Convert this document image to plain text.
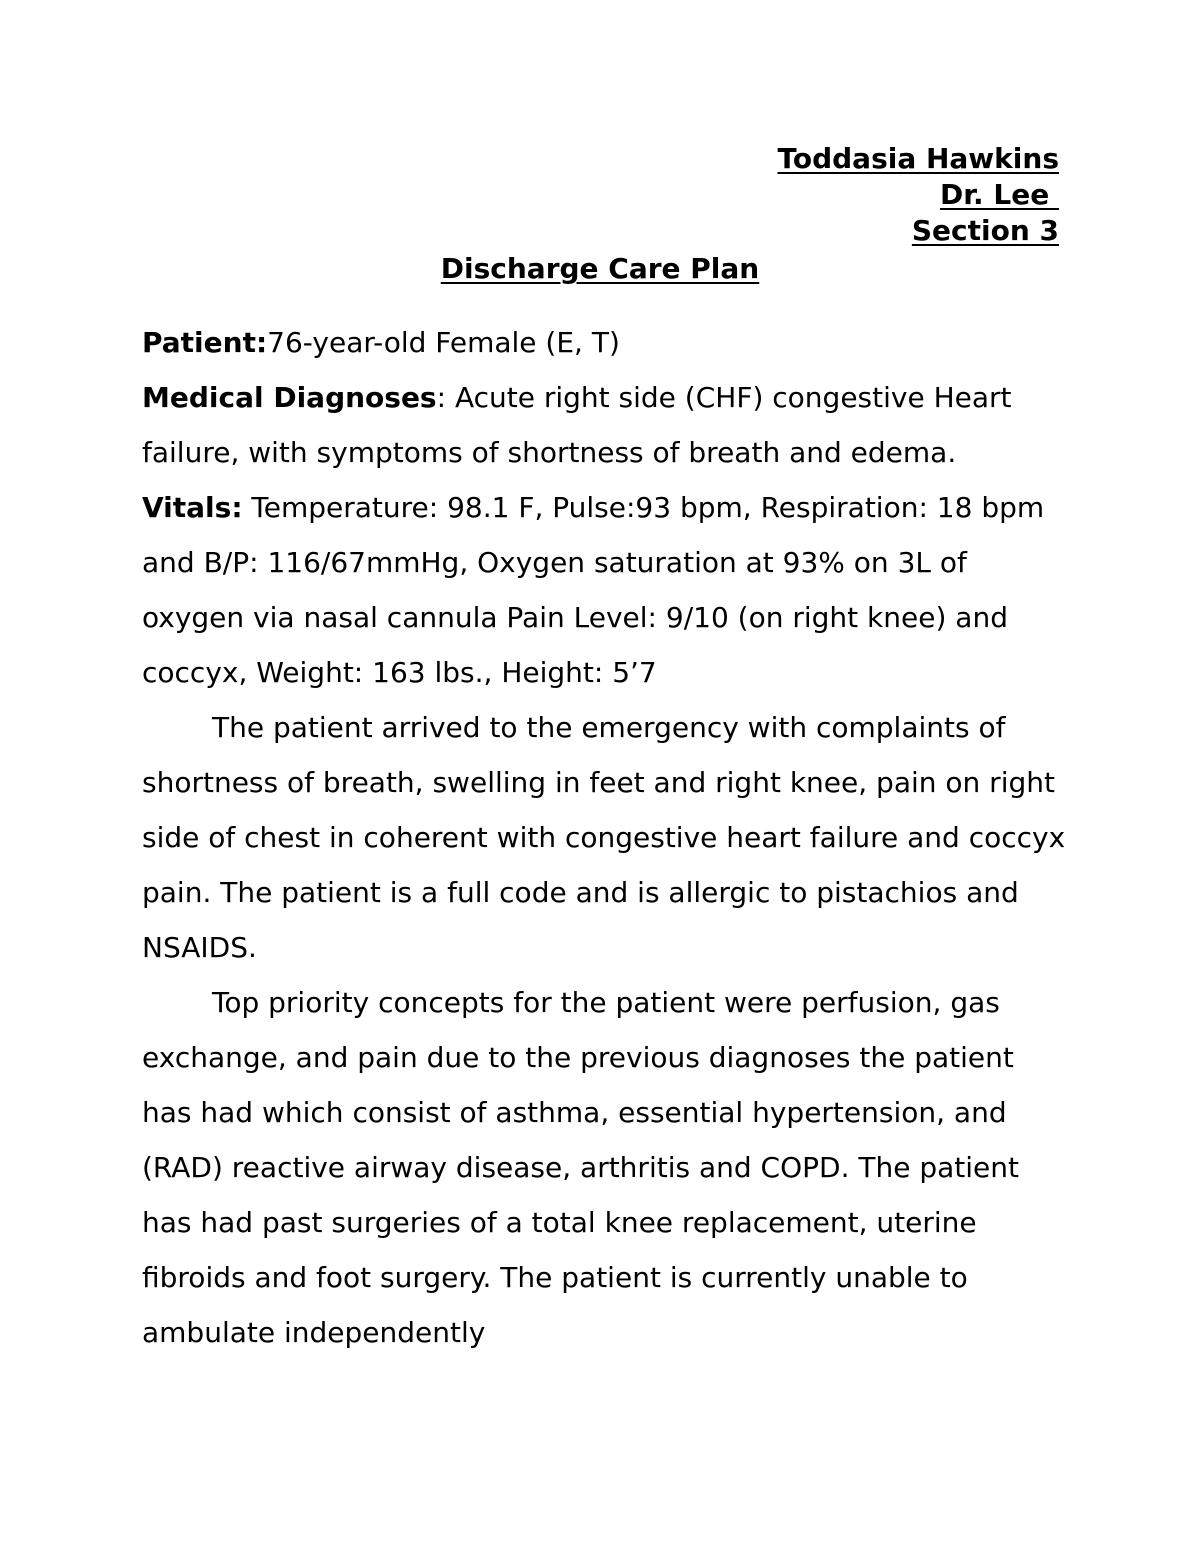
Toddasia Hawkins
Dr. Lee
Section 3
Discharge Care Plan

Patient:76-year-old Female (E, T)

Medical Diagnoses: Acute right side (CHF) congestive Heart failure, with symptoms of shortness of breath and edema.

Vitals: Temperature: 98.1 F, Pulse:93 bpm, Respiration: 18 bpm and B/P: 116/67mmHg, Oxygen saturation at 93% on 3L of oxygen via nasal cannula Pain Level: 9/10 (on right knee) and coccyx, Weight: 163 lbs., Height: 5’7

The patient arrived to the emergency with complaints of shortness of breath, swelling in feet and right knee, pain on right side of chest in coherent with congestive heart failure and coccyx pain. The patient is a full code and is allergic to pistachios and NSAIDS.

Top priority concepts for the patient were perfusion, gas exchange, and pain due to the previous diagnoses the patient has had which consist of asthma, essential hypertension, and (RAD) reactive airway disease, arthritis and COPD. The patient has had past surgeries of a total knee replacement, uterine fibroids and foot surgery. The patient is currently unable to ambulate independently
